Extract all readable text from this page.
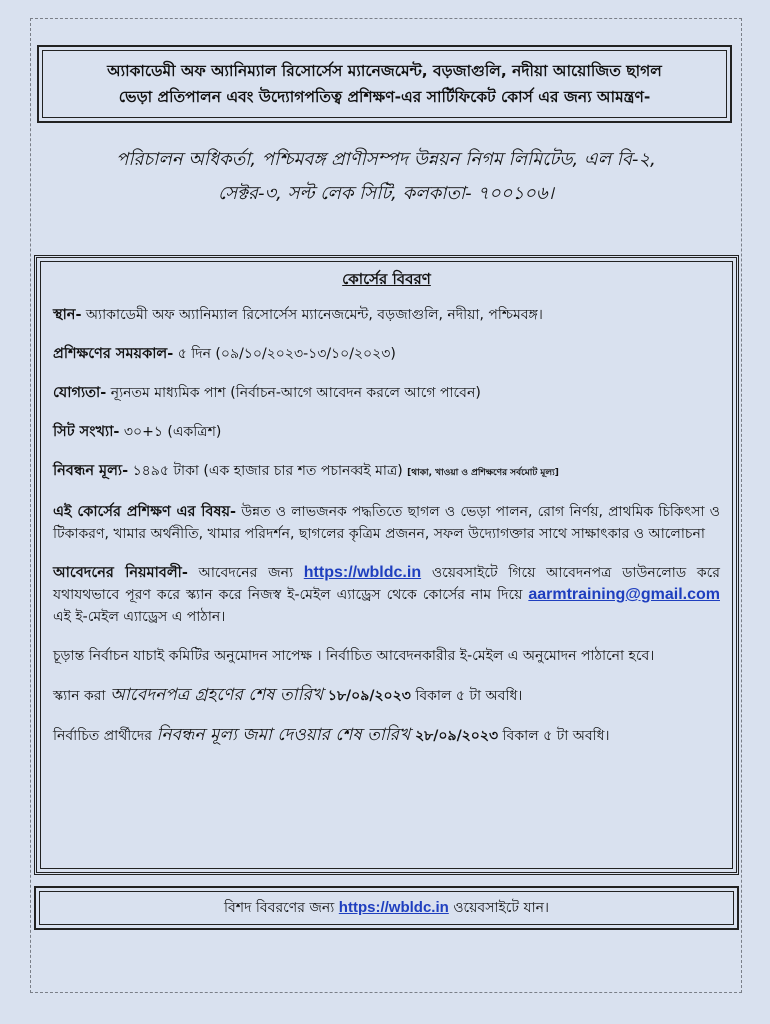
অ্যাকাডেমী অফ অ্যানিম্যাল রিসোর্সেস ম্যানেজমেন্ট, বড়জাগুলি, নদীয়া আয়োজিত ছাগল
ভেড়া প্রতিপালন এবং উদ্যোগপতিত্ব প্রশিক্ষণ-এর সার্টিফিকেট কোর্স এর জন্য আমন্ত্রণ-
পরিচালন অধিকর্তা, পশ্চিমবঙ্গ প্রাণীসম্পদ উন্নয়ন নিগম লিমিটেড, এল বি-২,
সেক্টর-৩, সল্ট লেক সিটি, কলকাতা- ৭০০১০৬।
কোর্সের বিবরণ
স্থান- অ্যাকাডেমী অফ অ্যানিম্যাল রিসোর্সেস ম্যানেজমেন্ট, বড়জাগুলি, নদীয়া, পশ্চিমবঙ্গ।
প্রশিক্ষণের সময়কাল- ৫ দিন (০৯/১০/২০২৩-১৩/১০/২০২৩)
যোগ্যতা- ন্যূনতম মাধ্যমিক পাশ (নির্বাচন-আগে আবেদন করলে আগে পাবেন)
সিট সংখ্যা- ৩০+১ (একত্রিশ)
নিবন্ধন মূল্য- ১৪৯৫ টাকা (এক হাজার চার শত পচানব্বই মাত্র) [থাকা, খাওয়া ও প্রশিক্ষণের সর্বমোট মূল্য]
এই কোর্সের প্রশিক্ষণ এর বিষয়- উন্নত ও লাভজনক পদ্ধতিতে ছাগল ও ভেড়া পালন, রোগ নির্ণয়, প্রাথমিক চিকিৎসা ও টিকাকরণ, খামার অর্থনীতি, খামার পরিদর্শন, ছাগলের কৃত্রিম প্রজনন, সফল উদ্যোগক্তার সাথে সাক্ষাৎকার ও আলোচনা
আবেদনের নিয়মাবলী- আবেদনের জন্য https://wbldc.in ওয়েবসাইটে গিয়ে আবেদনপত্র ডাউনলোড করে যথাযথভাবে পূরণ করে স্ক্যান করে নিজস্ব ই-মেইল এ্যাড্রেস থেকে কোর্সের নাম দিয়ে aarmtraining@gmail.com এই ই-মেইল এ্যাড্রেস এ পাঠান।
চূড়ান্ত নির্বাচন যাচাই কমিটির অনুমোদন সাপেক্ষ । নির্বাচিত আবেদনকারীর ই-মেইল এ অনুমোদন পাঠানো হবে।
স্ক্যান করা আবেদনপত্র গ্রহণের শেষ তারিখ ১৮/০৯/২০২৩ বিকাল ৫ টা অবধি।
নির্বাচিত প্রার্থীদের নিবন্ধন মূল্য জমা দেওয়ার শেষ তারিখ ২৮/০৯/২০২৩ বিকাল ৫ টা অবধি।
বিশদ বিবরণের জন্য https://wbldc.in ওয়েবসাইটে যান।
